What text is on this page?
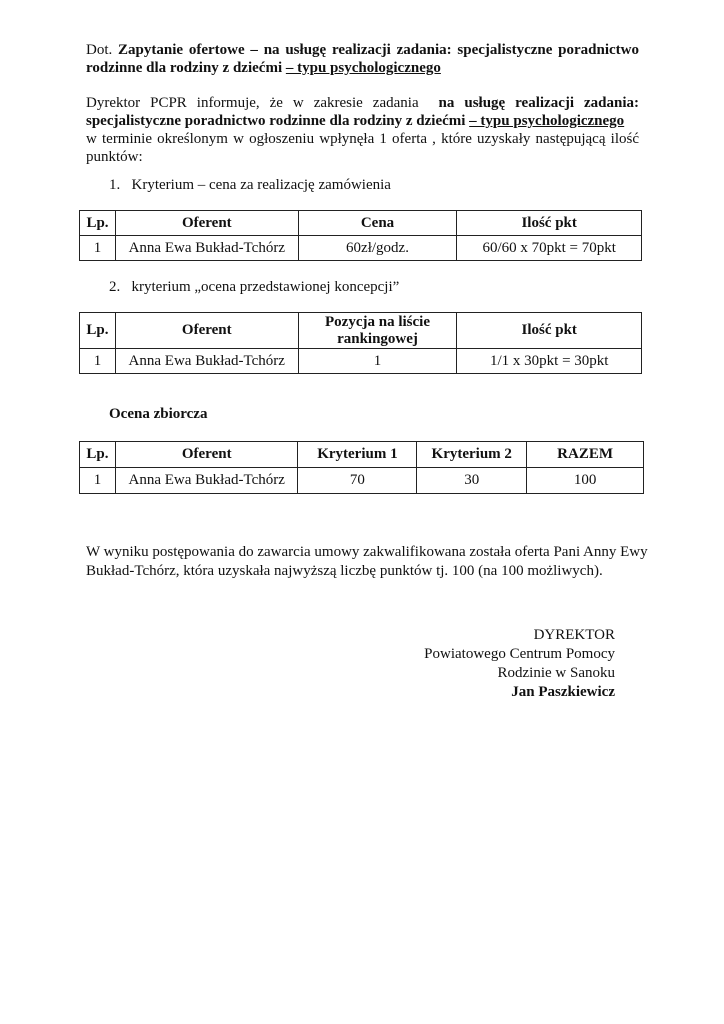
Dot. Zapytanie ofertowe – na usługę realizacji zadania: specjalistyczne poradnictwo
rodzinne dla rodziny z dziećmi – typu psychologicznego
Dyrektor PCPR informuje, że w zakresie zadania na usługę realizacji zadania:
specjalistyczne poradnictwo rodzinne dla rodziny z dziećmi – typu psychologicznego
w terminie określonym w ogłoszeniu wpłynęła 1 oferta , które uzyskały następującą ilość
punktów:
1. Kryterium – cena za realizację zamówienia
Lp.	Oferent	Cena	Ilość pkt
1	Anna Ewa Bukład-Tchórz	60zł/godz.	60/60 x 70pkt = 70pkt
2. kryterium „ocena przedstawionej koncepcji”
Lp.	Oferent	Pozycja na liście rankingowej	Ilość pkt
1	Anna Ewa Bukład-Tchórz	1	1/1 x 30pkt = 30pkt
Ocena zbiorcza
Lp.	Oferent	Kryterium 1	Kryterium 2	RAZEM
1	Anna Ewa Bukład-Tchórz	70	30	100
W wyniku postępowania do zawarcia umowy zakwalifikowana została oferta Pani Anny Ewy
Bukład-Tchórz, która uzyskała najwyższą liczbę punktów tj. 100 (na 100 możliwych).
DYREKTOR
Powiatowego Centrum Pomocy
Rodzinie w Sanoku
Jan Paszkiewicz
